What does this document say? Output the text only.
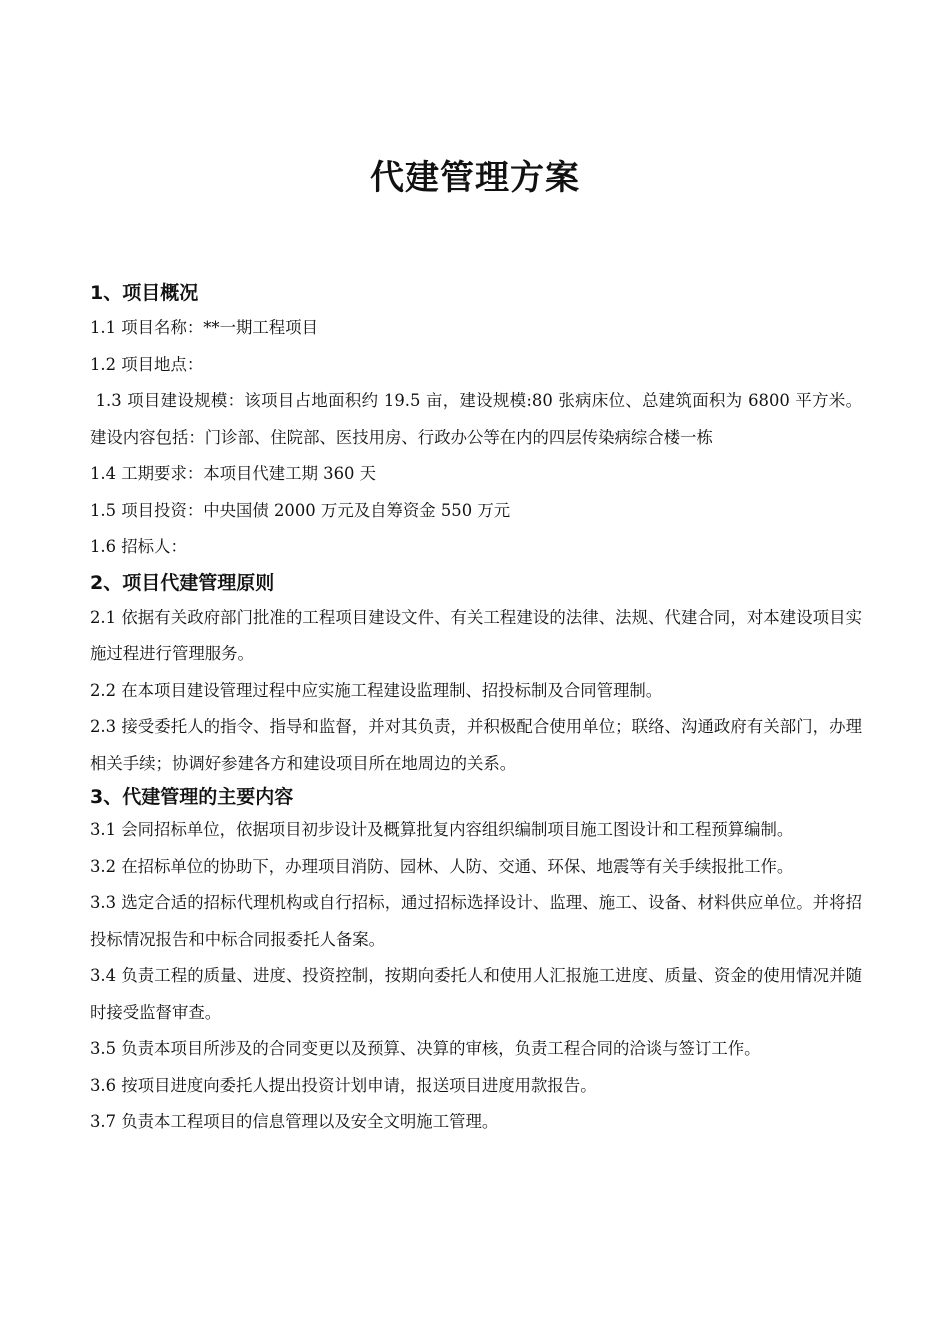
代建管理方案
1、项目概况

1.1 项目名称：**一期工程项目

1.2 项目地点：

1.3 项目建设规模：该项目占地面积约 19.5 亩，建设规模:80 张病床位、总建筑面积为 6800 平方米。建设内容包括：门诊部、住院部、医技用房、行政办公等在内的四层传染病综合楼一栋

1.4 工期要求：本项目代建工期 360 天

1.5 项目投资：中央国债 2000 万元及自筹资金 550 万元

1.6 招标人：

2、项目代建管理原则

2.1 依据有关政府部门批准的工程项目建设文件、有关工程建设的法律、法规、代建合同，对本建设项目实施过程进行管理服务。

2.2 在本项目建设管理过程中应实施工程建设监理制、招投标制及合同管理制。

2.3 接受委托人的指令、指导和监督，并对其负责，并积极配合使用单位；联络、沟通政府有关部门，办理相关手续；协调好参建各方和建设项目所在地周边的关系。

3、代建管理的主要内容

3.1 会同招标单位，依据项目初步设计及概算批复内容组织编制项目施工图设计和工程预算编制。

3.2 在招标单位的协助下，办理项目消防、园林、人防、交通、环保、地震等有关手续报批工作。

3.3 选定合适的招标代理机构或自行招标，通过招标选择设计、监理、施工、设备、材料供应单位。并将招投标情况报告和中标合同报委托人备案。

3.4 负责工程的质量、进度、投资控制，按期向委托人和使用人汇报施工进度、质量、资金的使用情况并随时接受监督审查。

3.5 负责本项目所涉及的合同变更以及预算、决算的审核，负责工程合同的洽谈与签订工作。

3.6 按项目进度向委托人提出投资计划申请，报送项目进度用款报告。

3.7 负责本工程项目的信息管理以及安全文明施工管理。
